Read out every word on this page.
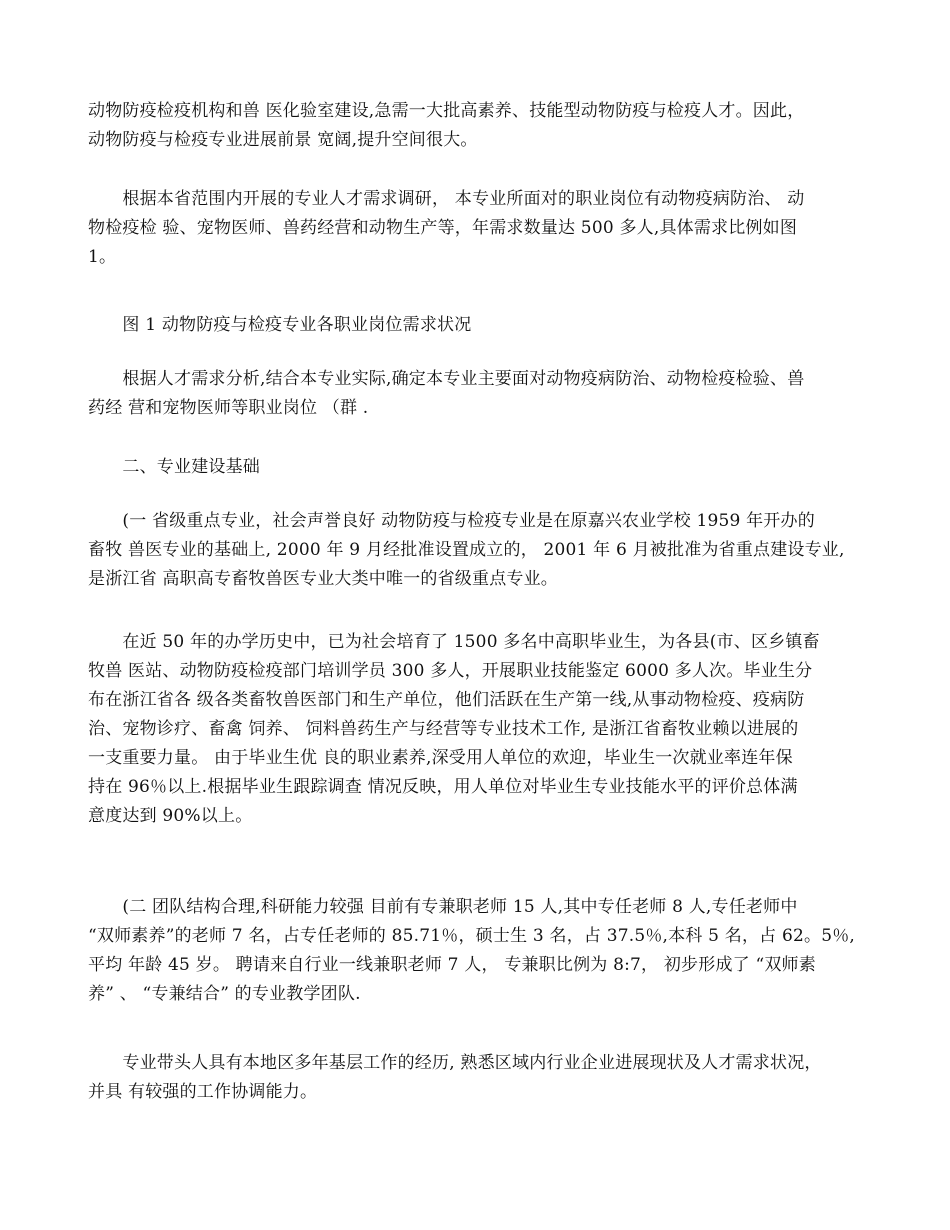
动物防疫检疫机构和兽 医化验室建设,急需一大批高素养、技能型动物防疫与检疫人才。因此，
动物防疫与检疫专业进展前景 宽阔,提升空间很大。

　　根据本省范围内开展的专业人才需求调研， 本专业所面对的职业岗位有动物疫病防治、 动
物检疫检 验、宠物医师、兽药经营和动物生产等，年需求数量达 500 多人,具体需求比例如图
1。

　　图 1 动物防疫与检疫专业各职业岗位需求状况

　　根据人才需求分析,结合本专业实际,确定本专业主要面对动物疫病防治、动物检疫检验、兽
药经 营和宠物医师等职业岗位 （群 .

　　二、专业建设基础

　　(一 省级重点专业，社会声誉良好 动物防疫与检疫专业是在原嘉兴农业学校 1959 年开办的
畜牧 兽医专业的基础上, 2000 年 9 月经批准设置成立的， 2001 年 6 月被批准为省重点建设专业,
是浙江省 高职高专畜牧兽医专业大类中唯一的省级重点专业。

　　在近 50 年的办学历史中，已为社会培育了 1500 多名中高职毕业生，为各县(市、区乡镇畜
牧兽 医站、动物防疫检疫部门培训学员 300 多人，开展职业技能鉴定 6000 多人次。毕业生分
布在浙江省各 级各类畜牧兽医部门和生产单位，他们活跃在生产第一线,从事动物检疫、疫病防
治、宠物诊疗、畜禽 饲养、 饲料兽药生产与经营等专业技术工作, 是浙江省畜牧业赖以进展的
一支重要力量。 由于毕业生优 良的职业素养,深受用人单位的欢迎，毕业生一次就业率连年保
持在 96％以上.根据毕业生跟踪调查 情况反映，用人单位对毕业生专业技能水平的评价总体满
意度达到 90%以上。

　　(二 团队结构合理,科研能力较强 目前有专兼职老师 15 人,其中专任老师 8 人,专任老师中
“双师素养”的老师 7 名，占专任老师的 85.71％，硕士生 3 名，占 37.5％,本科 5 名，占 62。5％,
平均 年龄 45 岁。 聘请来自行业一线兼职老师 7 人， 专兼职比例为 8:7， 初步形成了 “双师素
养” 、 “专兼结合” 的专业教学团队.

　　专业带头人具有本地区多年基层工作的经历, 熟悉区域内行业企业进展现状及人才需求状况，
并具 有较强的工作协调能力。
